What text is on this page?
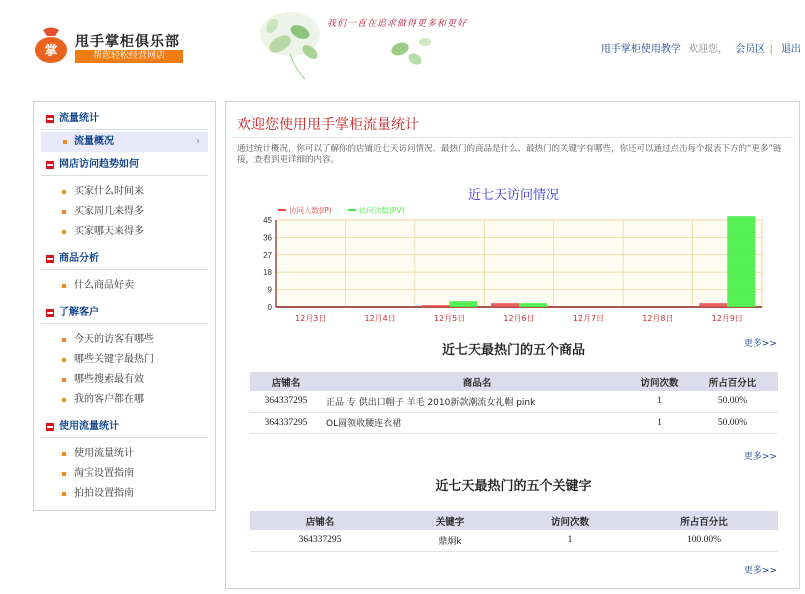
掌
甩手掌柜俱乐部
帮您轻松经营网店
我们一直在追求做得更多和更好
甩手掌柜使用教学 欢迎您， 会员区 | 退出
流量统计
流量概况	›
网店访问趋势如何
买家什么时间来
买家周几来得多
买家哪天来得多
商品分析
什么商品好卖
了解客户
今天的访客有哪些
哪些关键字最热门
哪些搜索最有效
我的客户都在哪
使用流量统计
使用流量统计
淘宝设置指南
拍拍设置指南
欢迎您使用甩手掌柜流量统计
通过统计概况，你可以了解你的店铺近七天访问情况、最热门的商品是什么、最热门的关键字有哪些，你还可以通过点击每个报表下方的“更多”链接，查看到更详细的内容。
近七天访问情况
0
9
18
27
36
45
12月3日	12月4日	12月5日	12月6日	12月7日	12月8日	12月9日
访问人数(IP)	访问次数(PV)
近七天最热门的五个商品	更多>>
店铺名	商品名	访问次数	所占百分比
364337295	正品 专 供出口帽子 羊毛 2010新款潮流女礼帽 pink	1	50.00%
364337295	OL圆领收腰连衣裙	1	50.00%
更多>>
近七天最热门的五个关键字
店铺名	关键字	访问次数	所占百分比
364337295	鼎炯k	1	100.00%
更多>>
